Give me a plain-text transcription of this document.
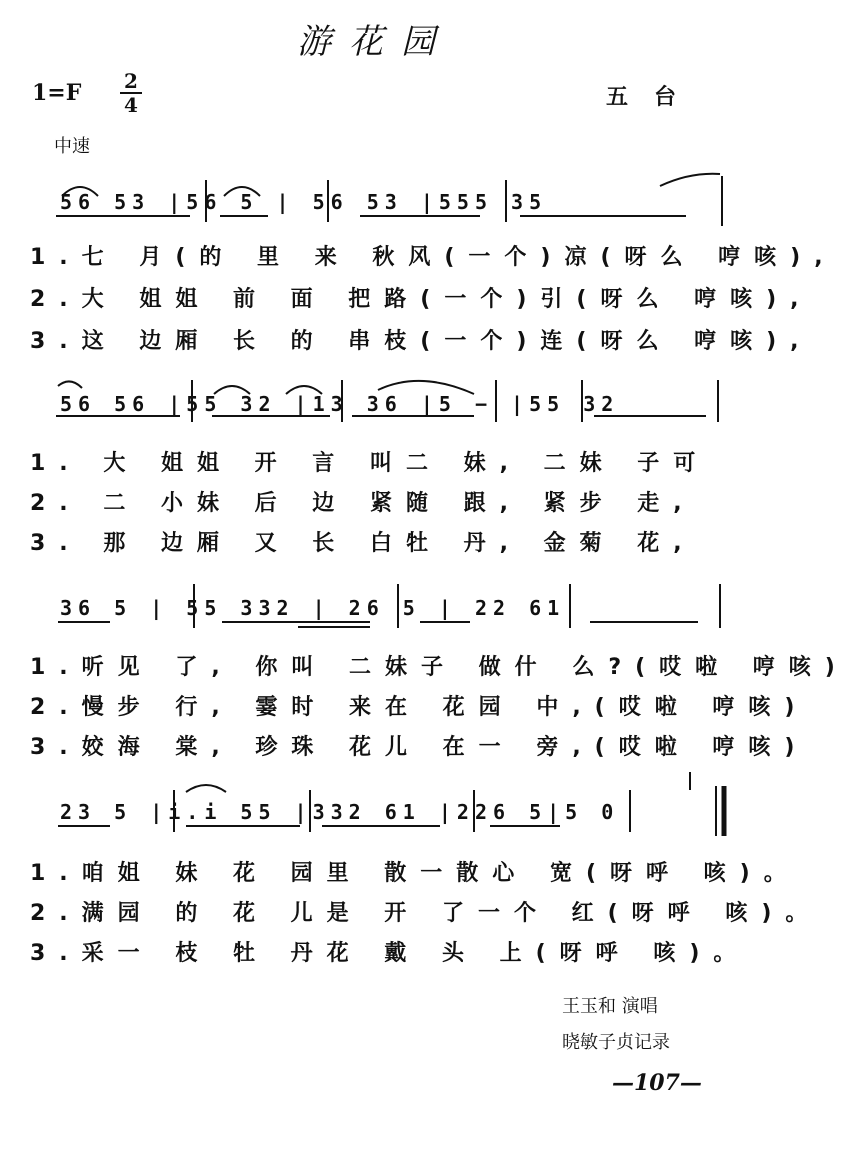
游花园
1=F 2
4	五台
中速
56 53 |56 5 | 56 53 |555 35
1.七 月(的 里 来 秋风(一个)凉(呀么 哼咳),
2.大 姐姐 前 面 把路(一个)引(呀么 哼咳),
3.这 边厢 长 的 串枝(一个)连(呀么 哼咳),
56 56 |55 32 |13 36 |5 − |55 32
1. 大 姐姐 开 言 叫二 妹, 二妹 子可
2. 二 小妹 后 边 紧随 跟, 紧步 走,
3. 那 边厢 又 长 白牡 丹, 金菊 花,
36 5 | 55 332 | 26 5 | 22 61
1.听见 了, 你叫 二妹子 做什 么?(哎啦 哼咳)
2.慢步 行, 霎时 来在 花园 中,(哎啦 哼咳)
3.姣海 棠, 珍珠 花儿 在一 旁,(哎啦 哼咳)
23 5 |i.i 55 |332 61 |226 5|5 0
1.咱姐 妹 花 园里 散一散心 宽(呀呼 咳)。
2.满园 的 花 儿是 开 了一个 红(呀呼 咳)。
3.采一 枝 牡 丹花 戴 头 上(呀呼 咳)。
王玉和 演唱
晓敏子贞记录
—107—
